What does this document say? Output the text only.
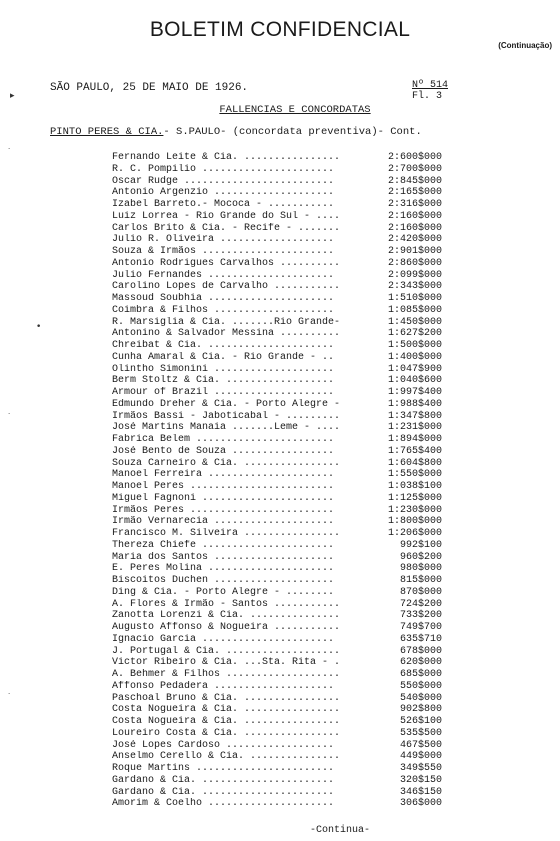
BOLETIM CONFIDENCIAL
(Continuação)
SÃO PAULO, 25 DE MAIO DE 1926.	Nº 514
Fl. 3
FALLENCIAS E CONCORDATAS
PINTO PERES & CIA.- S.PAULO- (concordata preventiva)- Cont.
Fernando Leite & Cia. ................	2:600$000
R. C. Pompilio ......................	2:700$000
Oscar Rudge .........................	2:845$000
Antonio Argenzio ....................	2:165$000
Izabel Barreto.- Mococa - ...........	2:316$000
Luiz Lorrea - Rio Grande do Sul - ....	2:160$000
Carlos Brito & Cia. - Recife - .......	2:160$000
Julio R. Oliveira ...................	2:420$000
Souza & Irmãos ......................	2:901$000
Antonio Rodrigues Carvalhos ..........	2:860$000
Julio Fernandes .....................	2:099$000
Carolino Lopes de Carvalho ...........	2:343$000
Massoud Soubhia .....................	1:510$000
Coimbra & Filhos ....................	1:085$000
R. Marsiglia & Cia. .......Rio Grande-	1:450$000
Antonino & Salvador Messina ..........	1:627$200
Chreibat & Cia. .....................	1:500$000
Cunha Amaral & Cia. - Rio Grande - ..	1:400$000
Olintho Simonini ....................	1:047$900
Berm Stoltz & Cia. ..................	1:040$600
Armour of Brazil ....................	1:997$400
Edmundo Dreher & Cia. - Porto Alegre -	1:988$400
Irmãos Bassi - Jaboticabal - .........	1:347$800
José Martins Manaia .......Leme - ....	1:231$000
Fabrica Belem .......................	1:894$000
José Bento de Souza .................	1:765$400
Souza Carneiro & Cia. ................	1:604$800
Manoel Ferreira .....................	1:550$000
Manoel Peres ........................	1:038$100
Miguel Fagnoni ......................	1:125$000
Irmãos Peres ........................	1:230$000
Irmão Vernarecia ....................	1:800$000
Francisco M. Silveira ................	1:206$000
Thereza Chiefe ......................	992$100
Maria dos Santos ....................	960$200
E. Peres Molina .....................	980$000
Biscoitos Duchen ....................	815$000
Ding & Cia. - Porto Alegre - ........	870$000
A. Flores & Irmão - Santos ...........	724$200
Zanotta Lorenzi & Cia. ...............	733$200
Augusto Affonso & Nogueira ...........	749$700
Ignacio Garcia ......................	635$710
J. Portugal & Cia. ...................	678$000
Victor Ribeiro & Cia. ...Sta. Rita - .	620$000
A. Behmer & Filhos ...................	685$000
Affonso Pedadera ....................	550$000
Paschoal Bruno & Cia. ................	540$000
Costa Nogueira & Cia. ................	902$800
Costa Nogueira & Cia. ................	526$100
Loureiro Costa & Cia. ................	535$500
José Lopes Cardoso ..................	467$500
Anselmo Cerello & Cia. ...............	449$000
Roque Martins .......................	349$550
Gardano & Cia. ......................	320$150
Gardano & Cia. ......................	346$150
Amorim & Coelho .....................	306$000
-Continua-
▸
·
•
·
·
